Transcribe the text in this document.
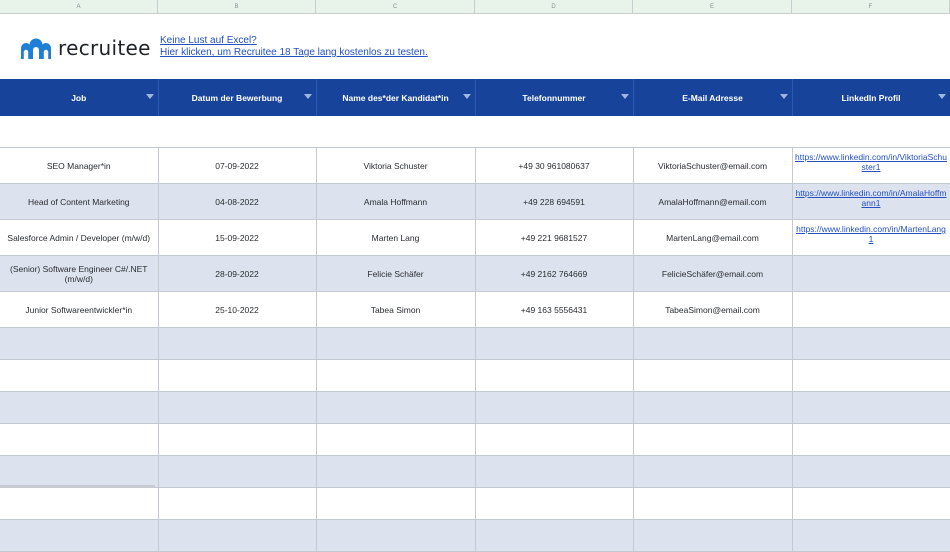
A	B	C	D	E	F
recruitee Keine Lust auf Excel?
Hier klicken, um Recruitee 18 Tage lang kostenlos zu testen.
Job	Datum der Bewerbung	Name des*der Kandidat*in	Telefonnummer	E-Mail Adresse	LinkedIn Profil

SEO Manager*in	07-09-2022	Viktoria Schuster	+49 30 961080637	ViktoriaSchuster@email.com	https://www.linkedin.com/in/ViktoriaSchuster1
Head of Content Marketing	04-08-2022	Amala Hoffmann	+49 228 694591	AmalaHoffmann@email.com	https://www.linkedin.com/in/AmalaHoffmann1
Salesforce Admin / Developer (m/w/d)	15-09-2022	Marten Lang	+49 221 9681527	MartenLang@email.com	https://www.linkedin.com/in/MartenLang1
(Senior) Software Engineer C#/.NET (m/w/d)	28-09-2022	Felicie Schäfer	+49 2162 764669	FelicieSchäfer@email.com	
Junior Softwareentwickler*in	25-10-2022	Tabea Simon	+49 163 5556431	TabeaSimon@email.com	
